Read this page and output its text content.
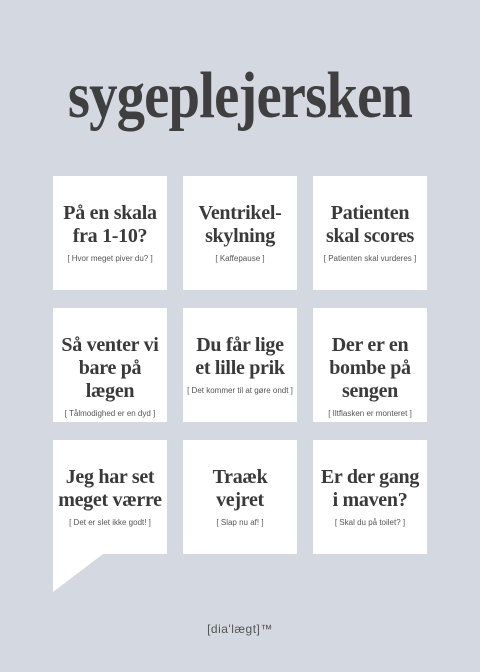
sygeplejersken
På en skala fra 1-10?
[ Hvor meget piver du? ]
Ventrikel-skylning
[ Kaffepause ]
Patienten skal scores
[ Patienten skal vurderes ]
Så venter vi bare på lægen
[ Tålmodighed er en dyd ]
Du får lige et lille prik
[ Det kommer til at gøre ondt ]
Der er en bombe på sengen
[ Iltflasken er monteret ]
Jeg har set meget værre
[ Det er slet ikke godt! ]
Traæk vejret
[ Slap nu af! ]
Er der gang i maven?
[ Skal du på toilet? ]
[dia'lægt]™
